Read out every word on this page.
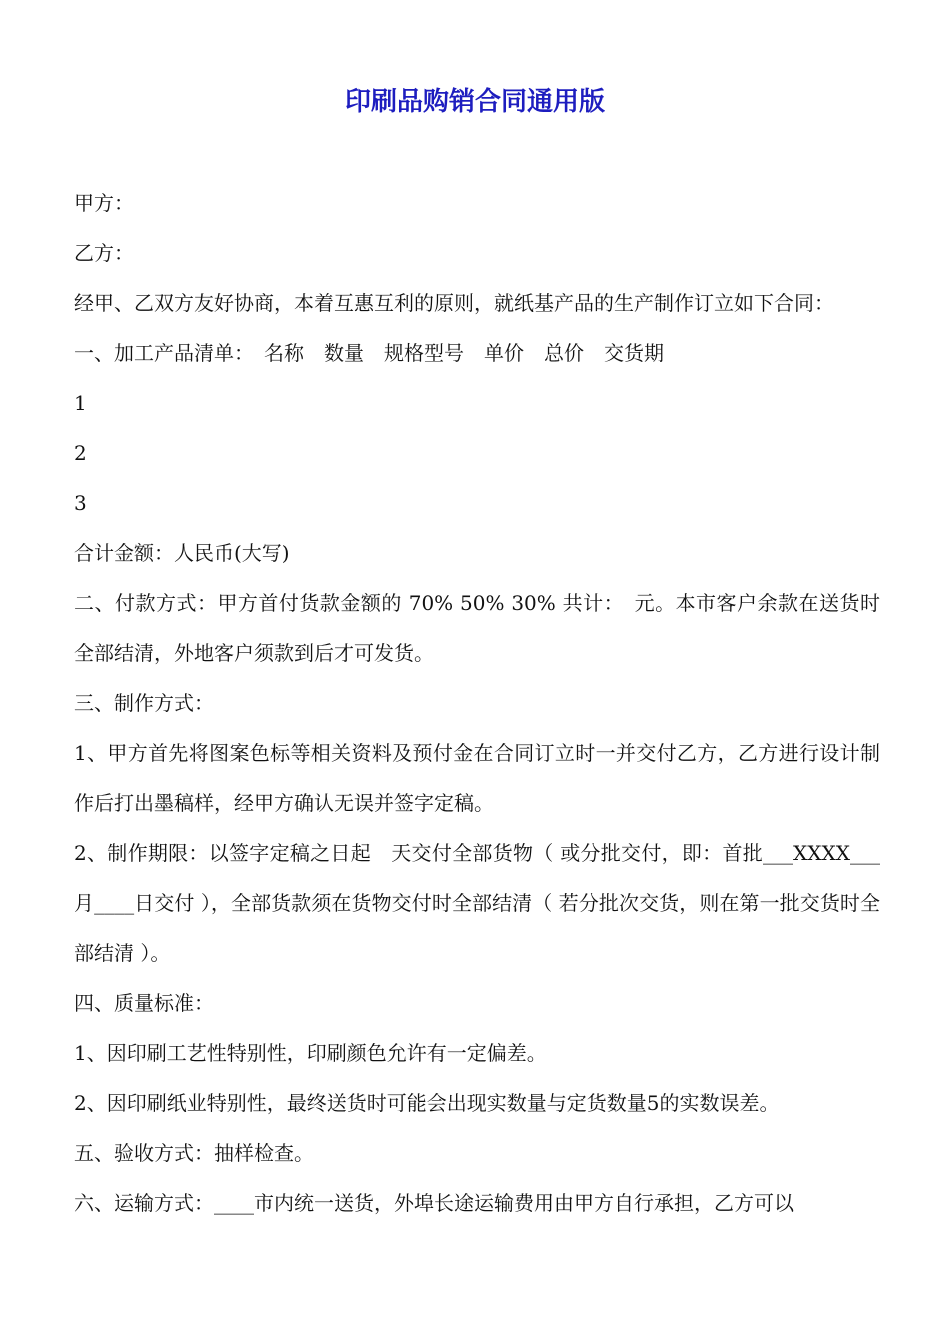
印刷品购销合同通用版

甲方：

乙方：

经甲、乙双方友好协商，本着互惠互利的原则，就纸基产品的生产制作订立如下合同：

一、加工产品清单：　名称　数量　规格型号　单价　总价　交货期

1

2

3

合计金额：人民币(大写)

二、付款方式：甲方首付货款金额的 70% 50% 30% 共计：　元。本市客户余款在送货时全部结清，外地客户须款到后才可发货。

三、制作方式：

1、甲方首先将图案色标等相关资料及预付金在合同订立时一并交付乙方，乙方进行设计制作后打出墨稿样，经甲方确认无误并签字定稿。

2、制作期限：以签字定稿之日起　天交付全部货物（ 或分批交付，即：首批___XXXX___月____日交付 ），全部货款须在货物交付时全部结清（ 若分批次交货，则在第一批交货时全部结清 ）。

四、质量标准：

1、因印刷工艺性特别性，印刷颜色允许有一定偏差。

2、因印刷纸业特别性，最终送货时可能会出现实数量与定货数量5的实数误差。

五、验收方式：抽样检查。

六、运输方式：____市内统一送货，外埠长途运输费用由甲方自行承担，乙方可以
